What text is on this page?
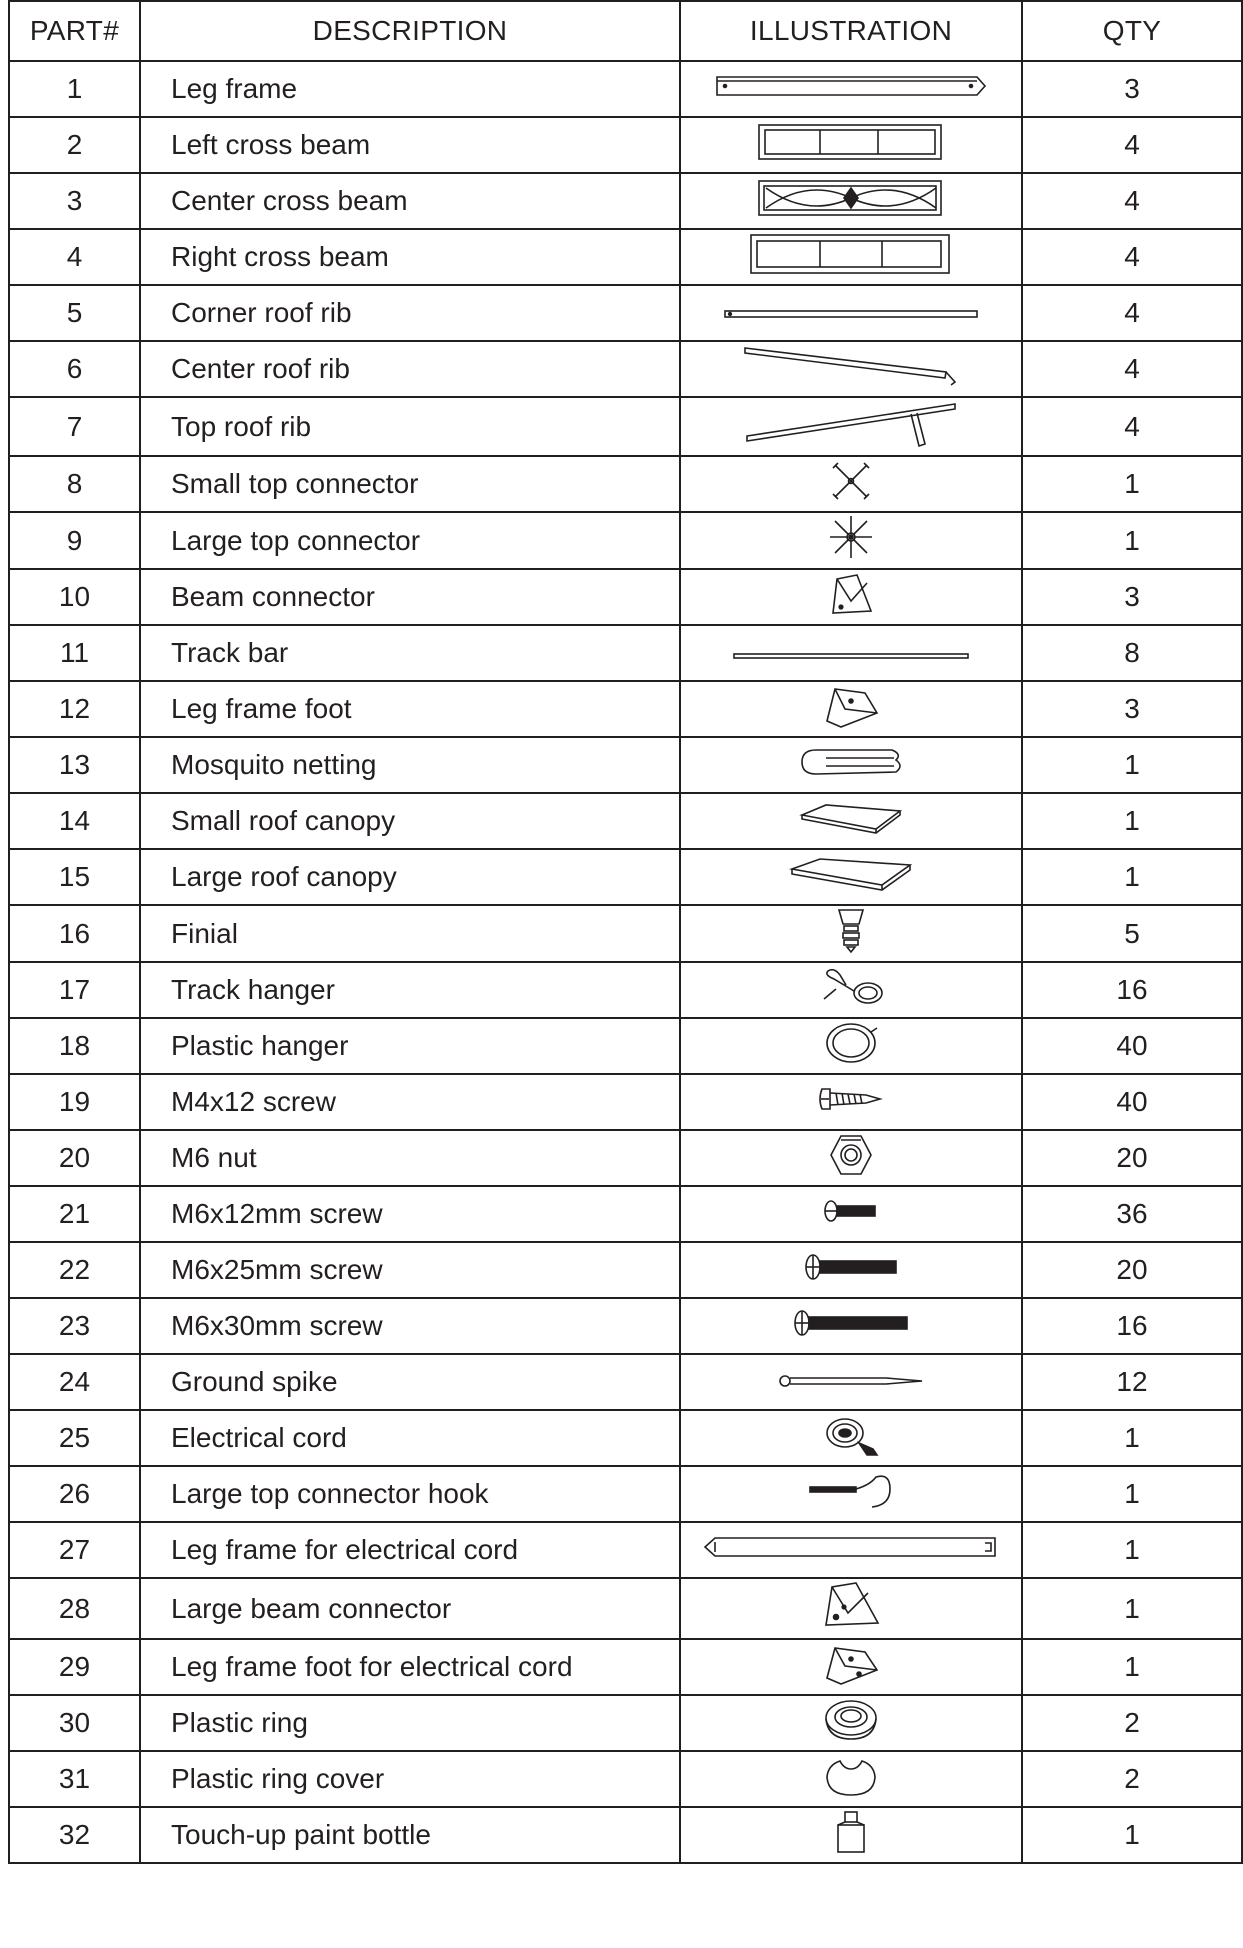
PART#	DESCRIPTION	ILLUSTRATION	QTY
1	Leg frame		3
2	Left cross beam		4
3	Center cross beam		4
4	Right cross beam		4
5	Corner roof rib		4
6	Center roof rib		4
7	Top roof rib		4
8	Small top connector		1
9	Large top connector		1
10	Beam connector		3
11	Track bar		8
12	Leg frame foot		3
13	Mosquito netting		1
14	Small roof canopy		1
15	Large roof canopy		1
16	Finial		5
17	Track hanger		16
18	Plastic hanger		40
19	M4x12 screw		40
20	M6 nut		20
21	M6x12mm screw		36
22	M6x25mm screw		20
23	M6x30mm screw		16
24	Ground spike		12
25	Electrical cord		1
26	Large top connector hook		1
27	Leg frame for electrical cord		1
28	Large beam connector		1
29	Leg frame foot for electrical cord		1
30	Plastic ring		2
31	Plastic ring cover		2
32	Touch-up paint bottle		1
